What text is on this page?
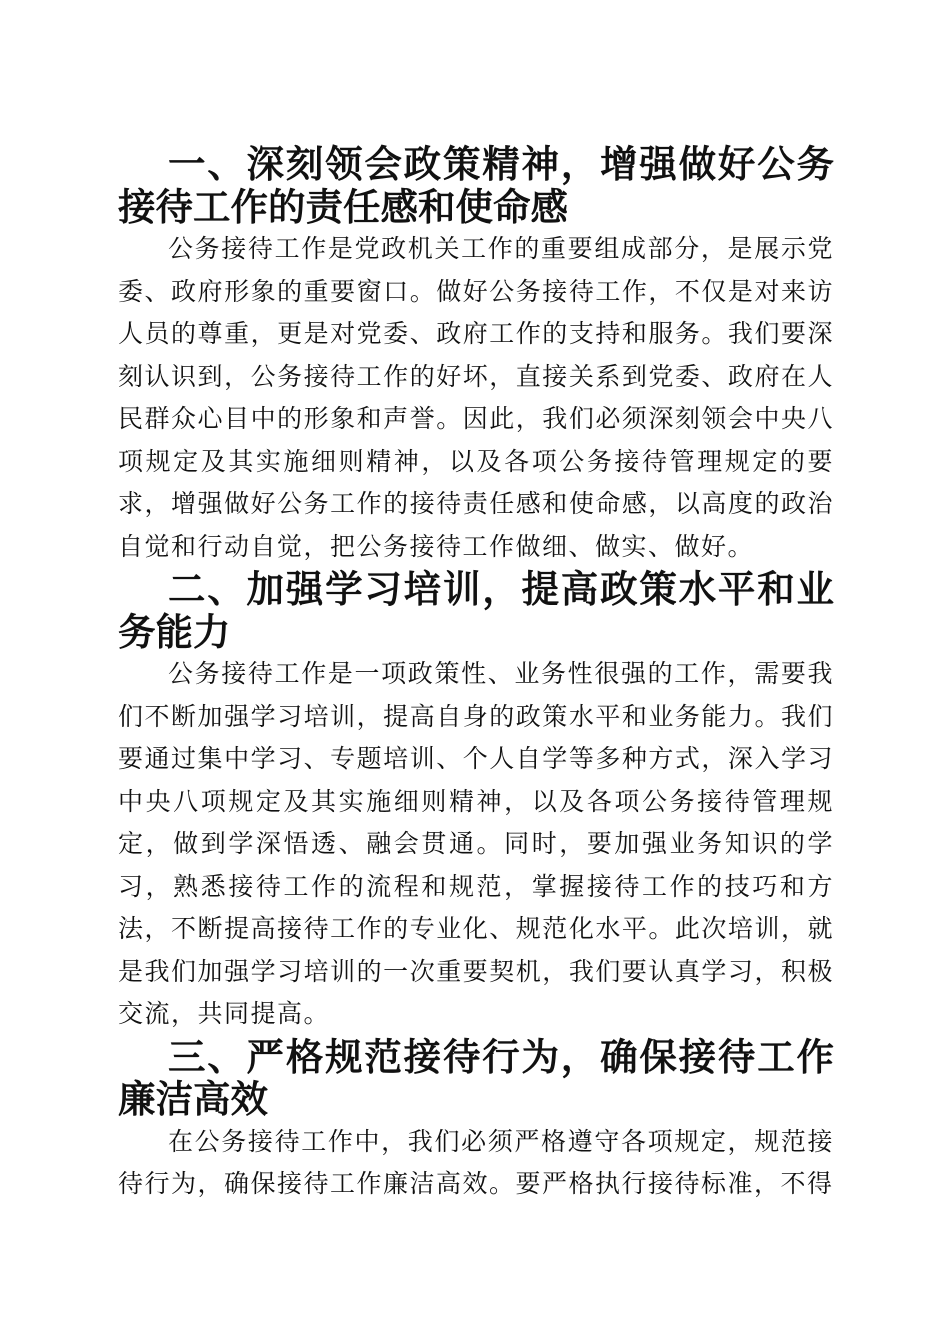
一、深刻领会政策精神，增强做好公务接待工作的责任感和使命感

公务接待工作是党政机关工作的重要组成部分，是展示党委、政府形象的重要窗口。做好公务接待工作，不仅是对来访人员的尊重，更是对党委、政府工作的支持和服务。我们要深刻认识到，公务接待工作的好坏，直接关系到党委、政府在人民群众心目中的形象和声誉。因此，我们必须深刻领会中央八项规定及其实施细则精神，以及各项公务接待管理规定的要求，增强做好公务工作的接待责任感和使命感，以高度的政治自觉和行动自觉，把公务接待工作做细、做实、做好。

二、加强学习培训，提高政策水平和业务能力

公务接待工作是一项政策性、业务性很强的工作，需要我们不断加强学习培训，提高自身的政策水平和业务能力。我们要通过集中学习、专题培训、个人自学等多种方式，深入学习中央八项规定及其实施细则精神，以及各项公务接待管理规定，做到学深悟透、融会贯通。同时，要加强业务知识的学习，熟悉接待工作的流程和规范，掌握接待工作的技巧和方法，不断提高接待工作的专业化、规范化水平。此次培训，就是我们加强学习培训的一次重要契机，我们要认真学习，积极交流，共同提高。

三、严格规范接待行为，确保接待工作廉洁高效

在公务接待工作中，我们必须严格遵守各项规定，规范接待行为，确保接待工作廉洁高效。要严格执行接待标准，不得
